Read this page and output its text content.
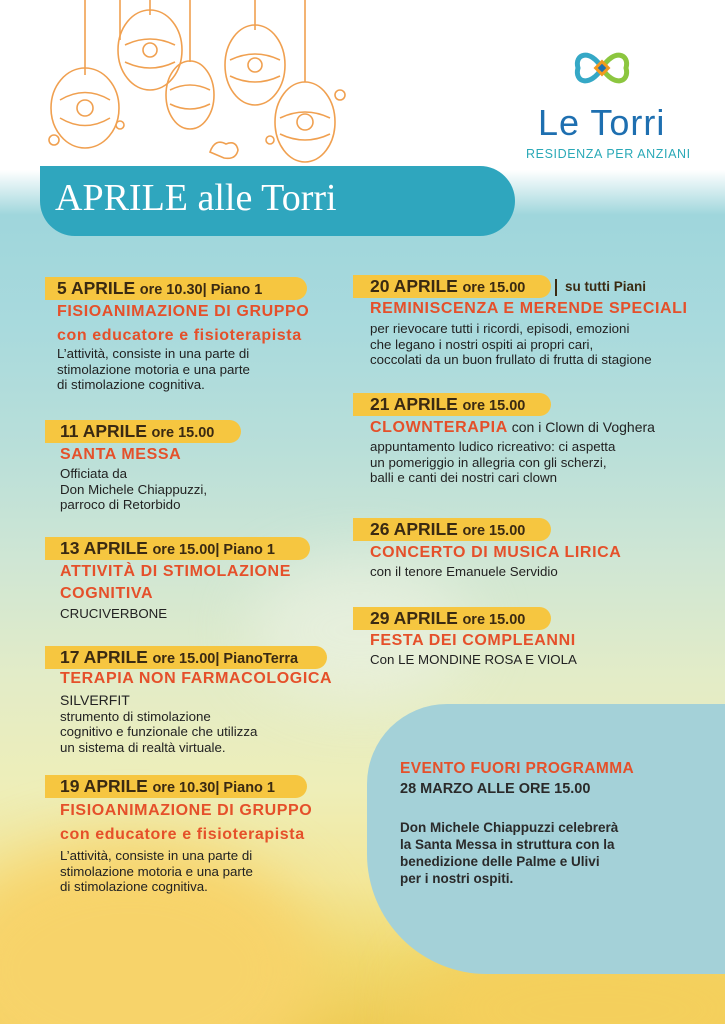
Le Torri
RESIDENZA PER ANZIANI
APRILE alle Torri
5 APRILE ore 10.30| Piano 1
FISIOANIMAZIONE DI GRUPPO
con educatore e fisioterapista
L’attività, consiste in una parte di
stimolazione motoria e una parte
di stimolazione cognitiva.
11 APRILE ore 15.00
SANTA MESSA
Officiata da
Don Michele Chiappuzzi,
parroco di Retorbido
13 APRILE ore 15.00| Piano 1
ATTIVITÀ DI STIMOLAZIONE
COGNITIVA
CRUCIVERBONE
17 APRILE ore 15.00| PianoTerra
TERAPIA NON FARMACOLOGICA
SILVERFIT
strumento di stimolazione
cognitivo e funzionale che utilizza
un sistema di realtà virtuale.
19 APRILE ore 10.30| Piano 1
FISIOANIMAZIONE DI GRUPPO
con educatore e fisioterapista
L’attività, consiste in una parte di
stimolazione motoria e una parte
di stimolazione cognitiva.
20 APRILE ore 15.00	su tutti Piani
REMINISCENZA E MERENDE SPECIALI
per rievocare tutti i ricordi, episodi, emozioni
che legano i nostri ospiti ai propri cari,
coccolati da un buon frullato di frutta di stagione
21 APRILE ore 15.00
CLOWNTERAPIA con i Clown di Voghera
appuntamento ludico ricreativo: ci aspetta
un pomeriggio in allegria con gli scherzi,
balli e canti dei nostri cari clown
26 APRILE ore 15.00
CONCERTO DI MUSICA LIRICA
con il tenore Emanuele Servidio
29 APRILE ore 15.00
FESTA DEI COMPLEANNI
Con LE MONDINE ROSA E VIOLA
EVENTO FUORI PROGRAMMA
28 MARZO ALLE ORE 15.00
Don Michele Chiappuzzi celebrerà
la Santa Messa in struttura con la
benedizione delle Palme e Ulivi
per i nostri ospiti.
